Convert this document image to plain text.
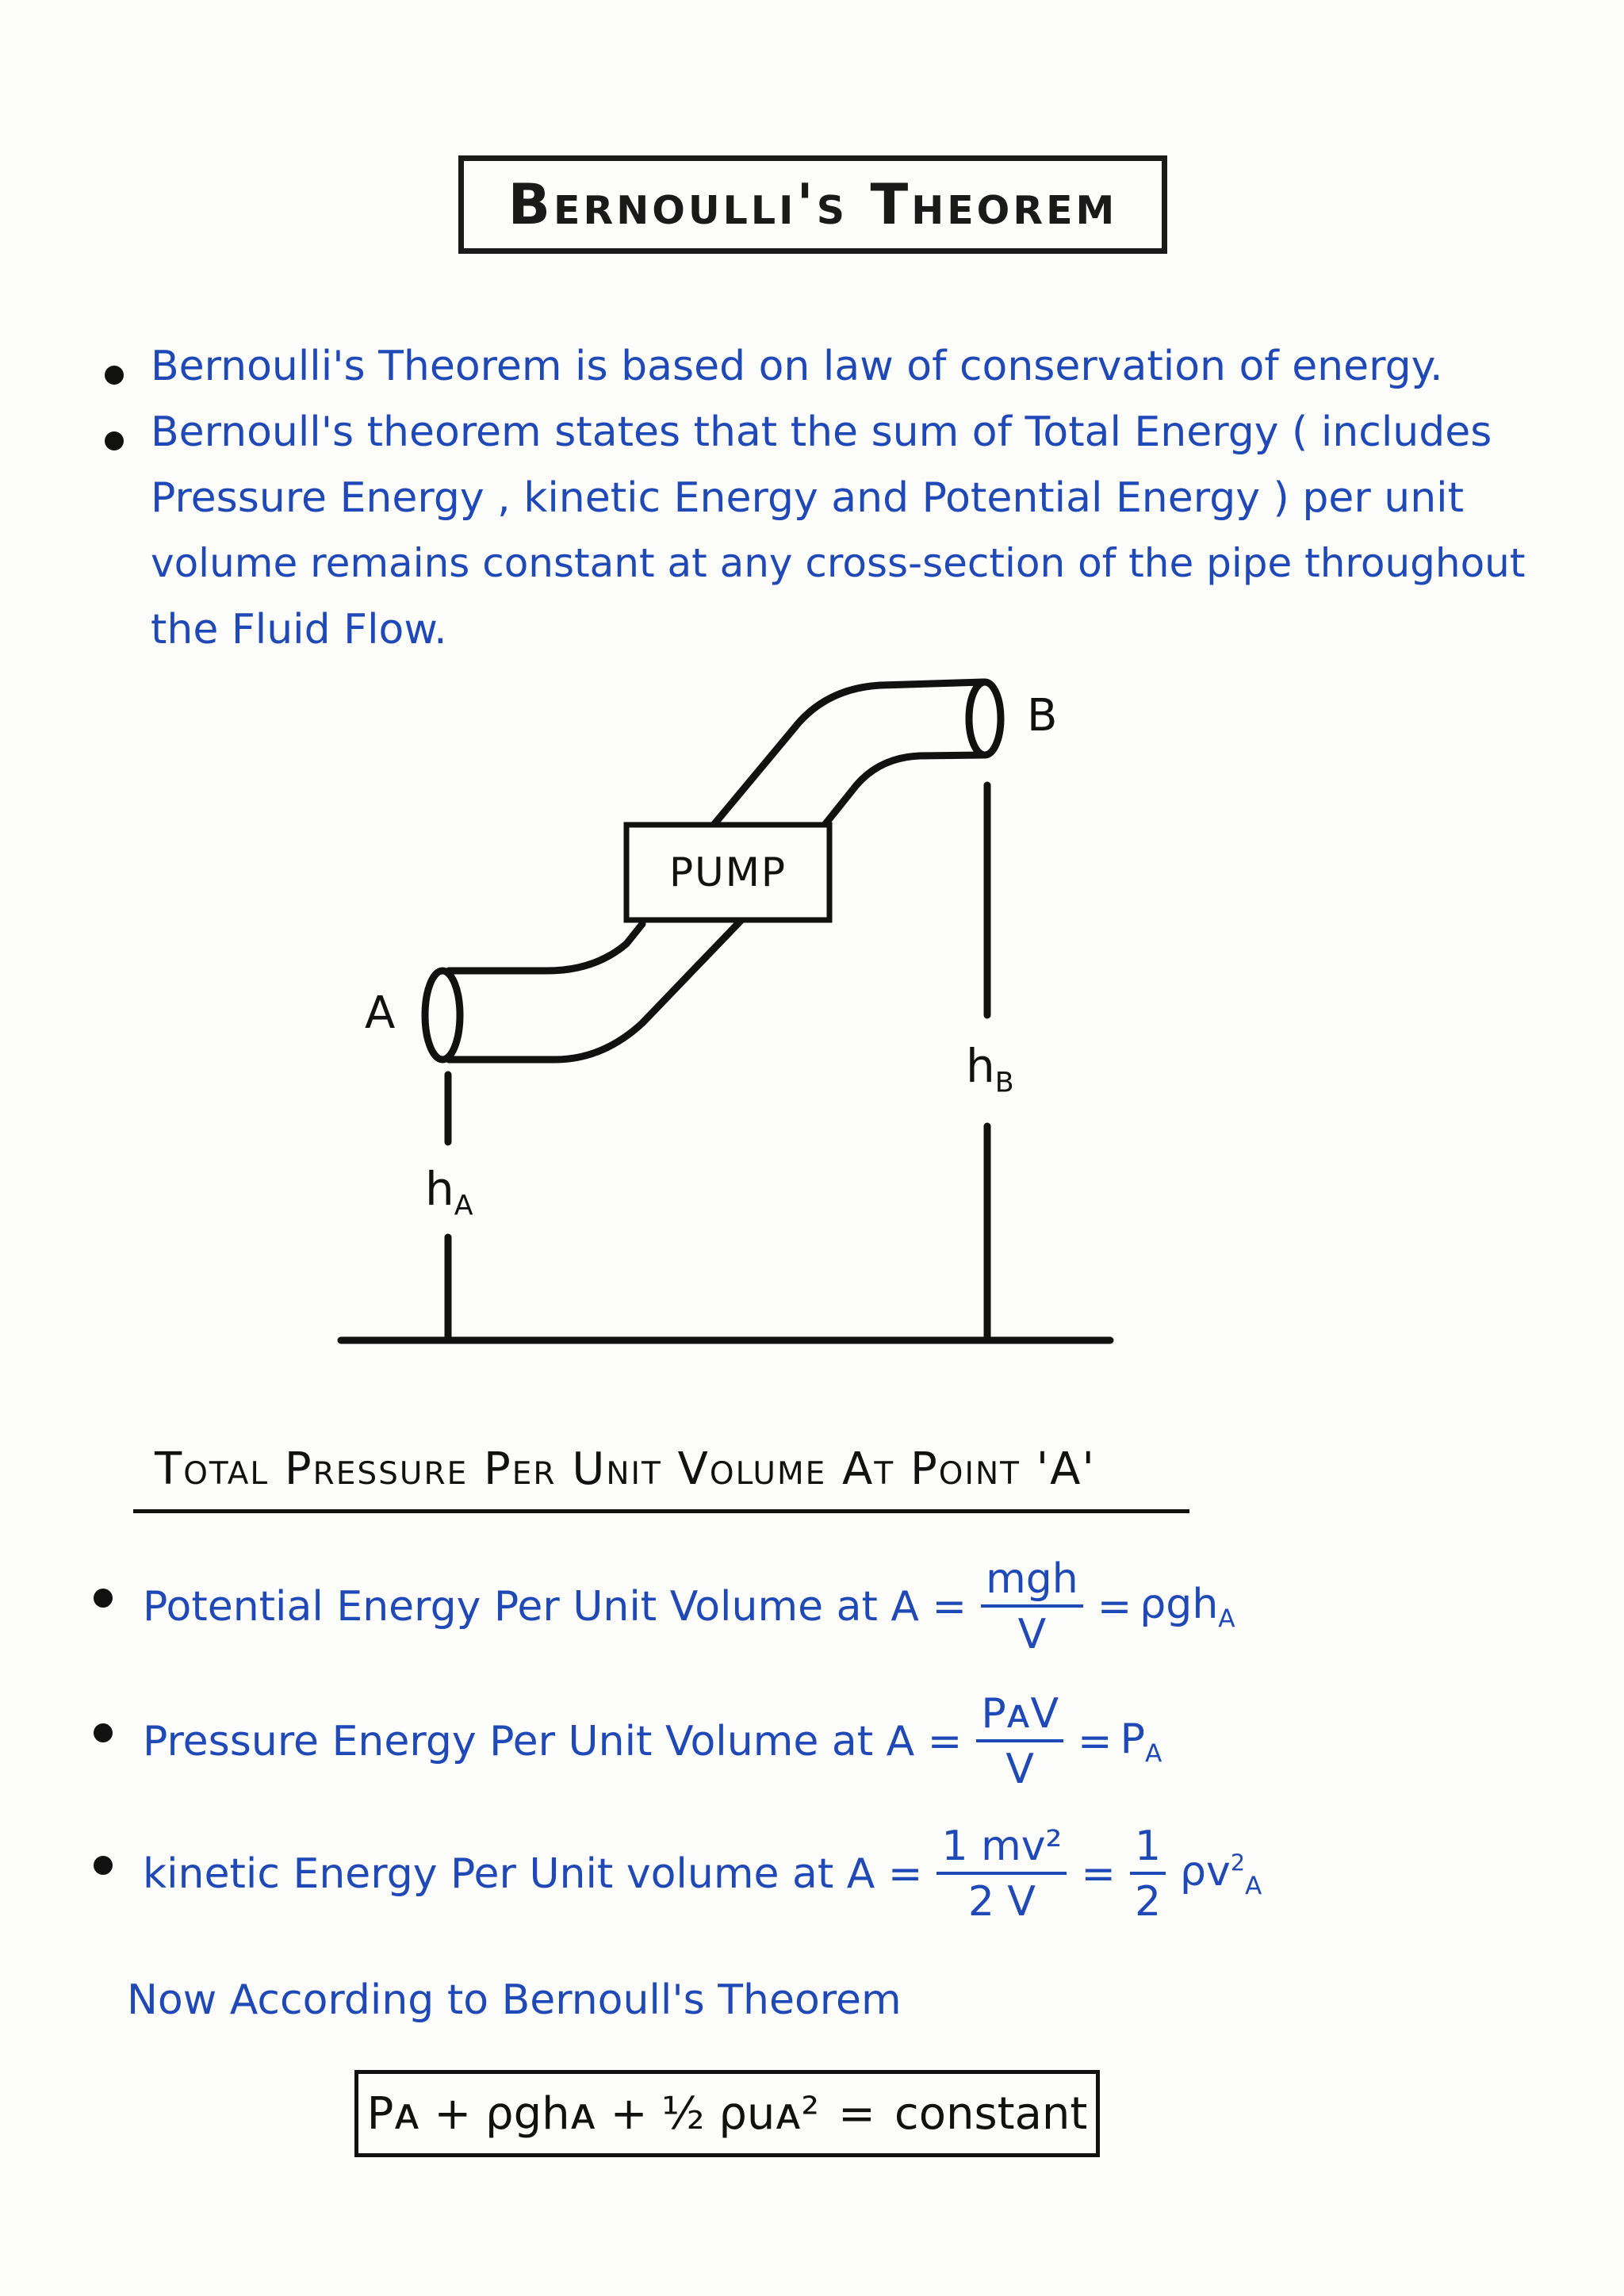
Bernoulli's Theorem
Bernoulli's Theorem is based on law of conservation of energy.
Bernoull's theorem states that the sum of Total Energy ( includes
Pressure Energy , kinetic Energy and Potential Energy ) per unit
volume remains constant at any cross-section of the pipe throughout
the Fluid Flow.
PUMP
A
B
$h_A$
$h_B$
Total Pressure Per Unit Volume At Point 'A'
Potential Energy Per Unit Volume at $A = \frac{\text{mgh}}{V} = \rho gh_A$
Pressure Energy Per Unit Volume at $A = \frac{\text{PᴀV}}{V} = P_A$
kinetic Energy Per Unit volume at $A = \frac{\text{1 mv²}}{2 V} = \frac{1}{2} \rho v^2_A$
Now According to Bernoull's Theorem
Pᴀ + ρghᴀ + ½ ρuᴀ² = constant
